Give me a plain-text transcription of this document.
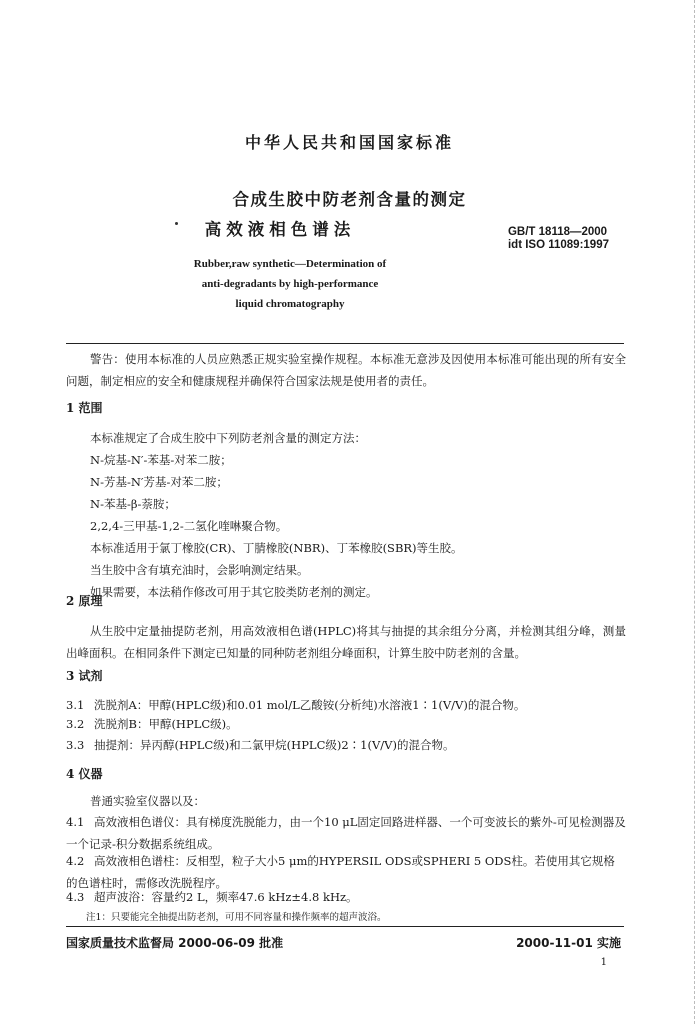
中华人民共和国国家标准
合成生胶中防老剂含量的测定
高效液相色谱法	GB/T 18118—2000
idt ISO 11089:1997
Rubber,raw synthetic—Determination of
anti-degradants by high-performance
liquid chromatography
警告：使用本标准的人员应熟悉正规实验室操作规程。本标准无意涉及因使用本标准可能出现的所有安全问题，制定相应的安全和健康规程并确保符合国家法规是使用者的责任。
1 范围
本标准规定了合成生胶中下列防老剂含量的测定方法：
N-烷基-N′-苯基-对苯二胺；
N-芳基-N′芳基-对苯二胺；
N-苯基-β-萘胺；
2,2,4-三甲基-1,2-二氢化喹啉聚合物。
本标准适用于氯丁橡胶(CR)、丁腈橡胶(NBR)、丁苯橡胶(SBR)等生胶。
当生胶中含有填充油时，会影响测定结果。
如果需要，本法稍作修改可用于其它胶类防老剂的测定。
2 原理
从生胶中定量抽提防老剂，用高效液相色谱(HPLC)将其与抽提的其余组分分离，并检测其组分峰，测量出峰面积。在相同条件下测定已知量的同种防老剂组分峰面积，计算生胶中防老剂的含量。
3 试剂
3.1 洗脱剂A：甲醇(HPLC级)和0.01 mol/L乙酸铵(分析纯)水溶液1∶1(V/V)的混合物。
3.2 洗脱剂B：甲醇(HPLC级)。
3.3 抽提剂：异丙醇(HPLC级)和二氯甲烷(HPLC级)2∶1(V/V)的混合物。
4 仪器
普通实验室仪器以及：
4.1 高效液相色谱仪：具有梯度洗脱能力，由一个10 μL固定回路进样器、一个可变波长的紫外-可见检测器及一个记录-积分数据系统组成。
4.2 高效液相色谱柱：反相型，粒子大小5 μm的HYPERSIL ODS或SPHERI 5 ODS柱。若使用其它规格的色谱柱时，需修改洗脱程序。
4.3 超声波浴：容量约2 L，频率47.6 kHz±4.8 kHz。
注1：只要能完全抽提出防老剂，可用不同容量和操作频率的超声波浴。
国家质量技术监督局 2000-06-09 批准	2000-11-01 实施
1
